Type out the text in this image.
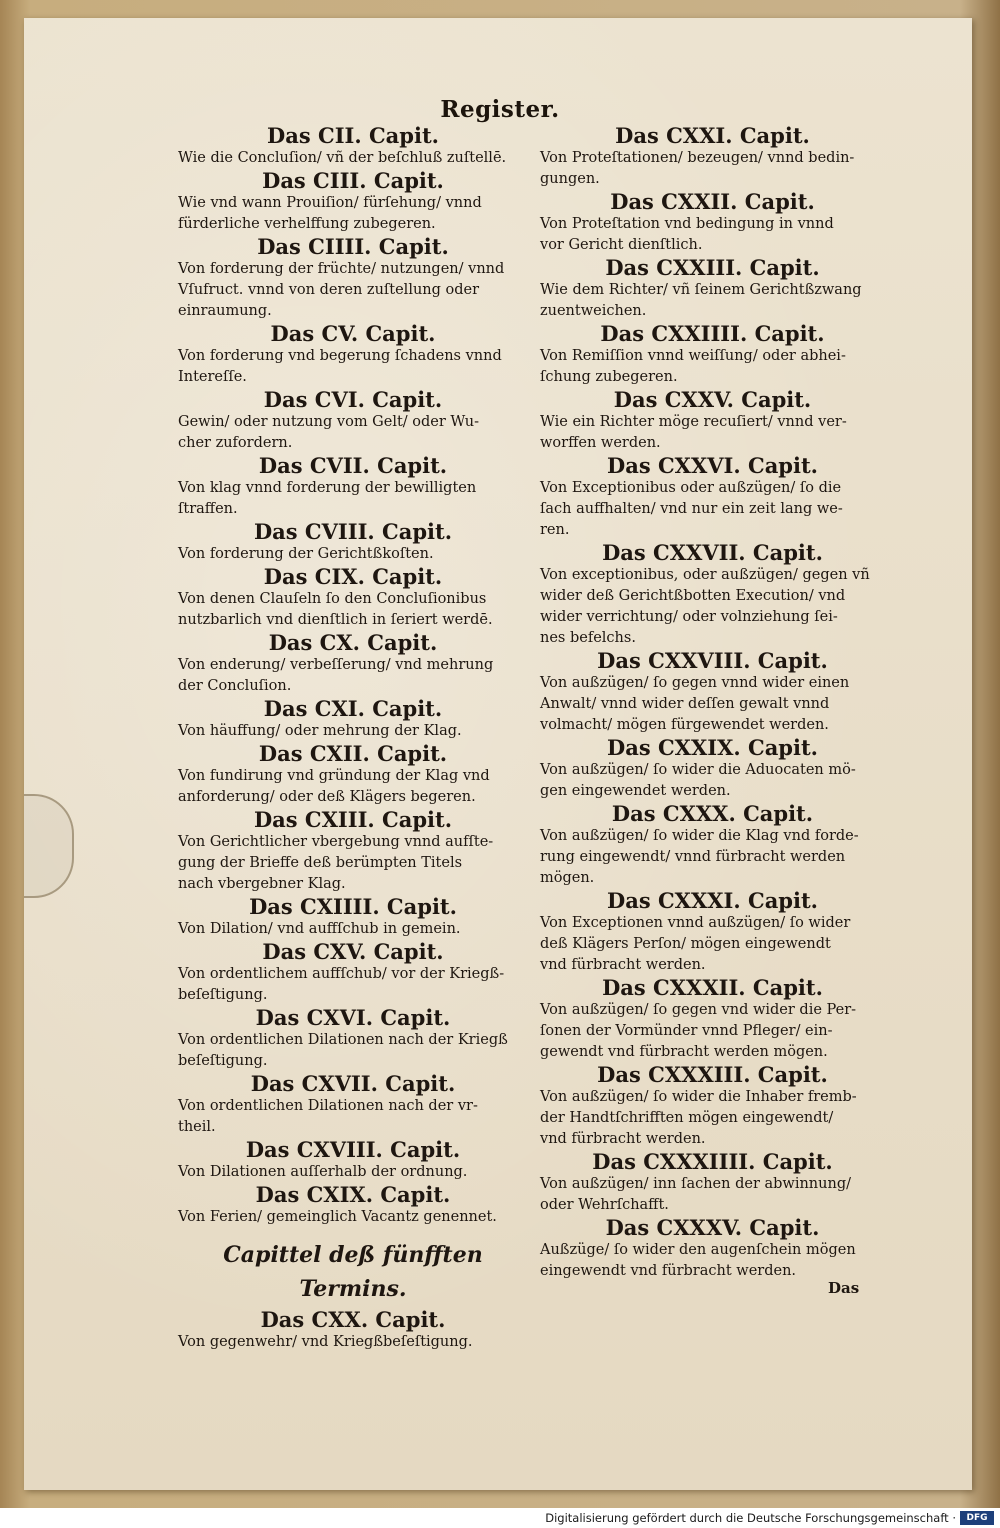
Register.
Das CII. Capit.
Wie die Concluſion/ vñ der beſchluß zuſtellē.
Das CIII. Capit.
Wie vnd wann Prouiſion/ fürſehung/ vnnd
fürderliche verhelffung zubegeren.
Das CIIII. Capit.
Von forderung der früchte/ nutzungen/ vnnd
Vſufruct. vnnd von deren zuſtellung oder
einraumung.
Das CV. Capit.
Von forderung vnd begerung ſchadens vnnd
Intereſſe.
Das CVI. Capit.
Gewin/ oder nutzung vom Gelt/ oder Wu-
cher zufordern.
Das CVII. Capit.
Von klag vnnd forderung der bewilligten
ſtraffen.
Das CVIII. Capit.
Von forderung der Gerichtßkoſten.
Das CIX. Capit.
Von denen Clauſeln ſo den Concluſionibus
nutzbarlich vnd dienſtlich in ſeriert werdē.
Das CX. Capit.
Von enderung/ verbeſſerung/ vnd mehrung
der Concluſion.
Das CXI. Capit.
Von häuffung/ oder mehrung der Klag.
Das CXII. Capit.
Von fundirung vnd gründung der Klag vnd
anforderung/ oder deß Klägers begeren.
Das CXIII. Capit.
Von Gerichtlicher vbergebung vnnd aufſte-
gung der Brieffe deß berümpten Titels
nach vbergebner Klag.
Das CXIIII. Capit.
Von Dilation/ vnd auffſchub in gemein.
Das CXV. Capit.
Von ordentlichem auffſchub/ vor der Kriegß-
beſeſtigung.
Das CXVI. Capit.
Von ordentlichen Dilationen nach der Kriegß
beſeſtigung.
Das CXVII. Capit.
Von ordentlichen Dilationen nach der vr-
theil.
Das CXVIII. Capit.
Von Dilationen auſſerhalb der ordnung.
Das CXIX. Capit.
Von Ferien/ gemeinglich Vacantz genennet.
Capittel deß fünfften Termins.
Das CXX. Capit.
Von gegenwehr/ vnd Kriegßbeſeſtigung.
Das CXXI. Capit.
Von Proteſtationen/ bezeugen/ vnnd bedin-
gungen.
Das CXXII. Capit.
Von Proteſtation vnd bedingung in vnnd
vor Gericht dienſtlich.
Das CXXIII. Capit.
Wie dem Richter/ vñ ſeinem Gerichtßzwang
zuentweichen.
Das CXXIIII. Capit.
Von Remiſſion vnnd weiſſung/ oder abhei-
ſchung zubegeren.
Das CXXV. Capit.
Wie ein Richter möge recuſiert/ vnnd ver-
worffen werden.
Das CXXVI. Capit.
Von Exceptionibus oder außzügen/ ſo die
ſach auffhalten/ vnd nur ein zeit lang we-
ren.
Das CXXVII. Capit.
Von exceptionibus, oder außzügen/ gegen vñ
wider deß Gerichtßbotten Execution/ vnd
wider verrichtung/ oder volnziehung ſei-
nes befelchs.
Das CXXVIII. Capit.
Von außzügen/ ſo gegen vnnd wider einen
Anwalt/ vnnd wider deſſen gewalt vnnd
volmacht/ mögen fürgewendet werden.
Das CXXIX. Capit.
Von außzügen/ ſo wider die Aduocaten mö-
gen eingewendet werden.
Das CXXX. Capit.
Von außzügen/ ſo wider die Klag vnd forde-
rung eingewendt/ vnnd fürbracht werden
mögen.
Das CXXXI. Capit.
Von Exceptionen vnnd außzügen/ ſo wider
deß Klägers Perſon/ mögen eingewendt
vnd fürbracht werden.
Das CXXXII. Capit.
Von außzügen/ ſo gegen vnd wider die Per-
ſonen der Vormünder vnnd Pfleger/ ein-
gewendt vnd fürbracht werden mögen.
Das CXXXIII. Capit.
Von außzügen/ ſo wider die Inhaber fremb-
der Handtſchrifften mögen eingewendt/
vnd fürbracht werden.
Das CXXXIIII. Capit.
Von außzügen/ inn ſachen der abwinnung/
oder Wehrſchafft.
Das CXXXV. Capit.
Außzüge/ ſo wider den augenſchein mögen
eingewendt vnd fürbracht werden.
Das
Digitalisierung gefördert durch die Deutsche Forschungsgemeinschaft ·	DFG
